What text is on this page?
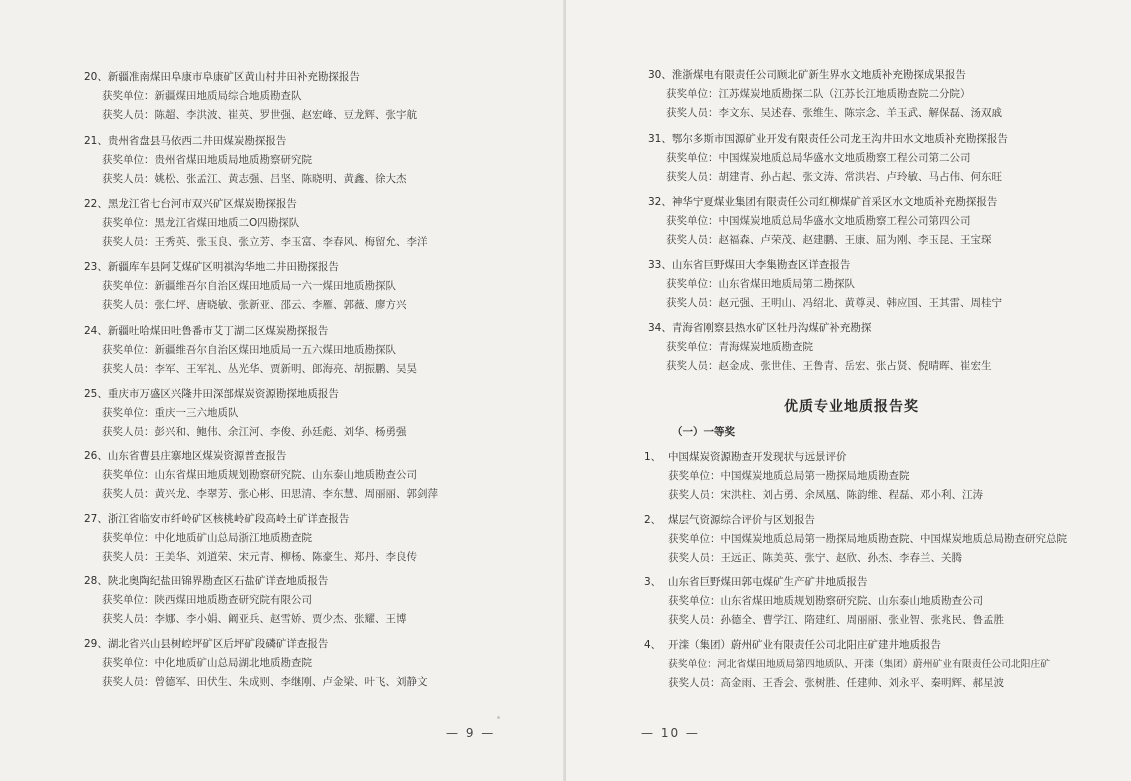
20、新疆准南煤田阜康市阜康矿区黄山村井田补充勘探报告
获奖单位：新疆煤田地质局综合地质勘查队
获奖人员：陈超、李洪波、崔英、罗世强、赵宏峰、豆龙辉、张宇航
21、贵州省盘县马依西二井田煤炭勘探报告
获奖单位：贵州省煤田地质局地质勘察研究院
获奖人员：姚松、张孟江、黄志强、吕坚、陈晓明、黄鑫、徐大杰
22、黑龙江省七台河市双兴矿区煤炭勘探报告
获奖单位：黑龙江省煤田地质二O四勘探队
获奖人员：王秀英、张玉良、张立芳、李玉富、李春风、梅留允、李洋
23、新疆库车县阿艾煤矿区明祺沟华地二井田勘探报告
获奖单位：新疆维吾尔自治区煤田地质局一六一煤田地质勘探队
获奖人员：张仁坪、唐晓敏、张新亚、邵云、李雁、郭薇、廖方兴
24、新疆吐哈煤田吐鲁番市艾丁湖二区煤炭勘探报告
获奖单位：新疆维吾尔自治区煤田地质局一五六煤田地质勘探队
获奖人员：李军、王军礼、丛光华、贾新明、郎海亮、胡振鹏、吴昊
25、重庆市万盛区兴隆井田深部煤炭资源勘探地质报告
获奖单位：重庆一三六地质队
获奖人员：彭兴和、鲍伟、余江河、李俊、孙廷彪、刘华、杨勇强
26、山东省曹县庄寨地区煤炭资源普查报告
获奖单位：山东省煤田地质规划勘察研究院、山东泰山地质勘查公司
获奖人员：黄兴龙、李翠芳、张心彬、田思清、李东慧、周丽丽、郭剑萍
27、浙江省临安市纤岭矿区核桃岭矿段高岭土矿详查报告
获奖单位：中化地质矿山总局浙江地质勘查院
获奖人员：王美华、刘道荣、宋元青、柳杨、陈豪生、郑丹、李良传
28、陕北奥陶纪盐田锦界勘查区石盐矿详查地质报告
获奖单位：陕西煤田地质勘查研究院有限公司
获奖人员：李娜、李小娟、阚亚兵、赵雪娇、贾少杰、张耀、王博
29、湖北省兴山县树崆坪矿区后坪矿段磷矿详查报告
获奖单位：中化地质矿山总局湖北地质勘查院
获奖人员：曾德军、田伏生、朱成则、李继刚、卢金梁、叶飞、刘静文
— 9 —
30、淮浙煤电有限责任公司顾北矿新生界水文地质补充勘探成果报告
获奖单位：江苏煤炭地质勘探二队（江苏长江地质勘查院二分院）
获奖人员：李文东、吴述春、张维生、陈宗念、羊玉武、解保磊、汤双戚
31、鄂尔多斯市国源矿业开发有限责任公司龙王沟井田水文地质补充勘探报告
获奖单位：中国煤炭地质总局华盛水文地质勘察工程公司第二公司
获奖人员：胡建青、孙占起、张文涛、常洪岩、卢玲敏、马占伟、何东旺
32、神华宁夏煤业集团有限责任公司红柳煤矿首采区水文地质补充勘探报告
获奖单位：中国煤炭地质总局华盛水文地质勘察工程公司第四公司
获奖人员：赵福森、卢荣茂、赵建鹏、王康、屈为刚、李玉昆、王宝琛
33、山东省巨野煤田大李集勘查区详查报告
获奖单位：山东省煤田地质局第二勘探队
获奖人员：赵元强、王明山、冯绍北、黄尊灵、韩应国、王其雷、周桂宁
34、青海省刚察县热水矿区牡丹沟煤矿补充勘探
获奖单位：青海煤炭地质勘查院
获奖人员：赵金成、张世佳、王鲁青、岳宏、张占贤、倪晴晖、崔宏生
优质专业地质报告奖
（一）一等奖
1、 中国煤炭资源勘查开发现状与远景评价
获奖单位：中国煤炭地质总局第一勘探局地质勘查院
获奖人员：宋洪柱、刘占勇、余凤凰、陈韵维、程磊、邓小利、江涛
2、 煤层气资源综合评价与区划报告
获奖单位：中国煤炭地质总局第一勘探局地质勘查院、中国煤炭地质总局勘查研究总院
获奖人员：王远正、陈美英、张宁、赵欣、孙杰、李春兰、关腾
3、 山东省巨野煤田郭屯煤矿生产矿井地质报告
获奖单位：山东省煤田地质规划勘察研究院、山东泰山地质勘查公司
获奖人员：孙德全、曹学江、隋建红、周丽丽、张业智、张兆民、鲁孟胜
4、 开滦（集团）蔚州矿业有限责任公司北阳庄矿建井地质报告
获奖单位：河北省煤田地质局第四地质队、开滦（集团）蔚州矿业有限责任公司北阳庄矿
获奖人员：高金雨、王香会、张树胜、任建帅、刘永平、秦明辉、郝星波
— 10 —
